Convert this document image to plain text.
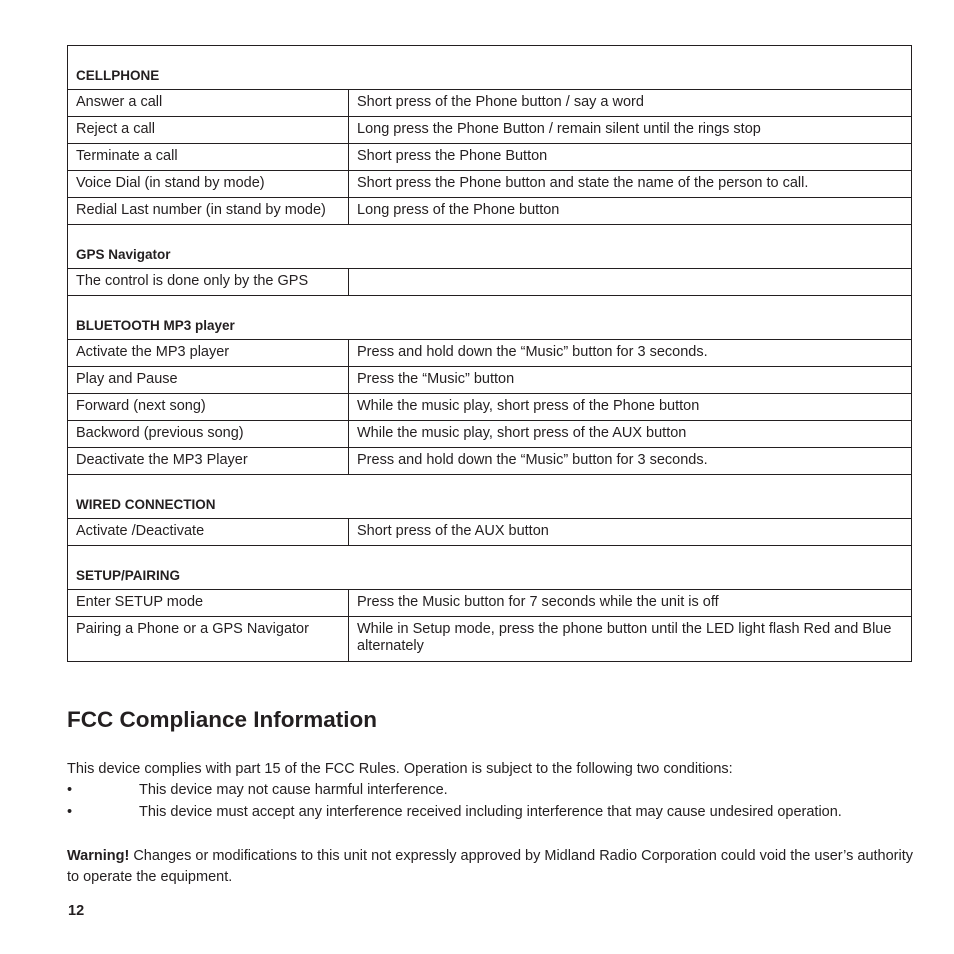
CELLPHONE	
Answer a call	Short press of the Phone button / say a word
Reject a call	Long press the Phone Button / remain silent until the rings stop
Terminate a call	Short press the Phone Button
Voice Dial (in stand by mode)	Short press the Phone button and state the name of the person to call.
Redial Last number (in stand by mode)	Long press of the Phone button
GPS Navigator	
The control is done only by the GPS	
BLUETOOTH MP3 player	
Activate the MP3 player	Press and hold down the “Music” button for 3 seconds.
Play and Pause	Press the “Music” button
Forward (next song)	While the music play, short press of the Phone button
Backword (previous song)	While the music play, short press of the AUX button
Deactivate the MP3 Player	Press and hold down the “Music” button for 3 seconds.
WIRED CONNECTION	
Activate /Deactivate	Short press of the AUX button
SETUP/PAIRING	
Enter SETUP mode	Press the Music button for 7 seconds while the unit is off
Pairing a Phone or a GPS Navigator	While in Setup mode, press the phone button until the LED light flash Red and Blue alternately
FCC Compliance Information

This device complies with part 15 of the FCC Rules. Operation is subject to the following two conditions:

•	This device may not cause harmful interference.
•	This device must accept any interference received including interference that may cause undesired operation.

Warning! Changes or modifications to this unit not expressly approved by Midland Radio Corporation could void the user’s authority to operate the equipment.

12
